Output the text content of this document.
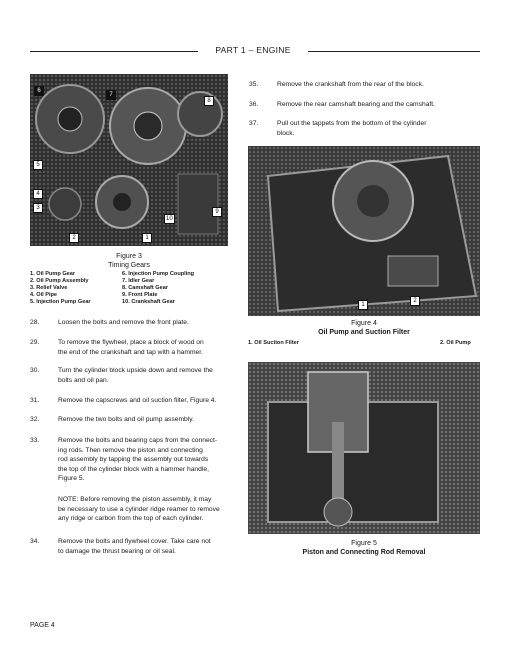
PART 1 – ENGINE
6
7
8
5
4
3
10
9
2	1
Figure 3
Timing Gears
1. Oil Pump Gear	6. Injection Pump Coupling
2. Oil Pump Assembly	7. Idler Gear
3. Relief Valve	8. Camshaft Gear
4. Oil Pipe	9. Front Plate
5. Injection Pump Gear	10. Crankshaft Gear
28.	Loosen the bolts and remove the front plate.
29.	To remove the flywheel, place a block of wood on
the end of the crankshaft and tap with a hammer.
30.	Turn the cylinder block upside down and remove the
bolts and oil pan.
31.	Remove the capscrews and oil suction filter, Figure 4.
32.	Remove the two bolts and oil pump assembly.
33.	Remove the bolts and bearing caps from the connect-
ing rods. Then remove the piston and connecting
rod assembly by tapping the assembly out towards
the top of the cylinder block with a hammer handle,
Figure 5.
NOTE: Before removing the piston assembly, it may
be necessary to use a cylinder ridge reamer to remove
any ridge or carbon from the top of each cylinder.
34.	Remove the bolts and flywheel cover. Take care not
to damage the thrust bearing or oil seal.
35.	Remove the crankshaft from the rear of the block.
36.	Remove the rear camshaft bearing and the camshaft.
37.	Pull out the tappets from the bottom of the cylinder
block.
1
2
Figure 4
Oil Pump and Suction Filter
1. Oil Suction Filter	2. Oil Pump
Figure 5
Piston and Connecting Rod Removal
PAGE 4
